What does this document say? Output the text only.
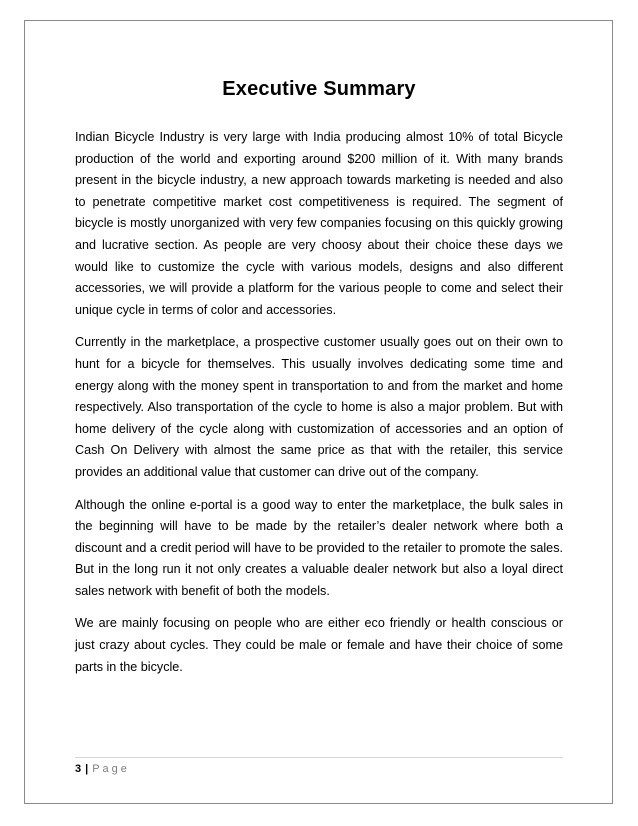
Executive Summary

Indian Bicycle Industry is very large with India producing almost 10% of total Bicycle production of the world and exporting around $200 million of it. With many brands present in the bicycle industry, a new approach towards marketing is needed and also to penetrate competitive market cost competitiveness is required. The segment of bicycle is mostly unorganized with very few companies focusing on this quickly growing and lucrative section. As people are very choosy about their choice these days we would like to customize the cycle with various models, designs and also different accessories, we will provide a platform for the various people to come and select their unique cycle in terms of color and accessories.

Currently in the marketplace, a prospective customer usually goes out on their own to hunt for a bicycle for themselves. This usually involves dedicating some time and energy along with the money spent in transportation to and from the market and home respectively. Also transportation of the cycle to home is also a major problem. But with home delivery of the cycle along with customization of accessories and an option of Cash On Delivery with almost the same price as that with the retailer, this service provides an additional value that customer can drive out of the company.

Although the online e-portal is a good way to enter the marketplace, the bulk sales in the beginning will have to be made by the retailer’s dealer network where both a discount and a credit period will have to be provided to the retailer to promote the sales. But in the long run it not only creates a valuable dealer network but also a loyal direct sales network with benefit of both the models.

We are mainly focusing on people who are either eco friendly or health conscious or just crazy about cycles. They could be male or female and have their choice of some parts in the bicycle.

3 | Page
